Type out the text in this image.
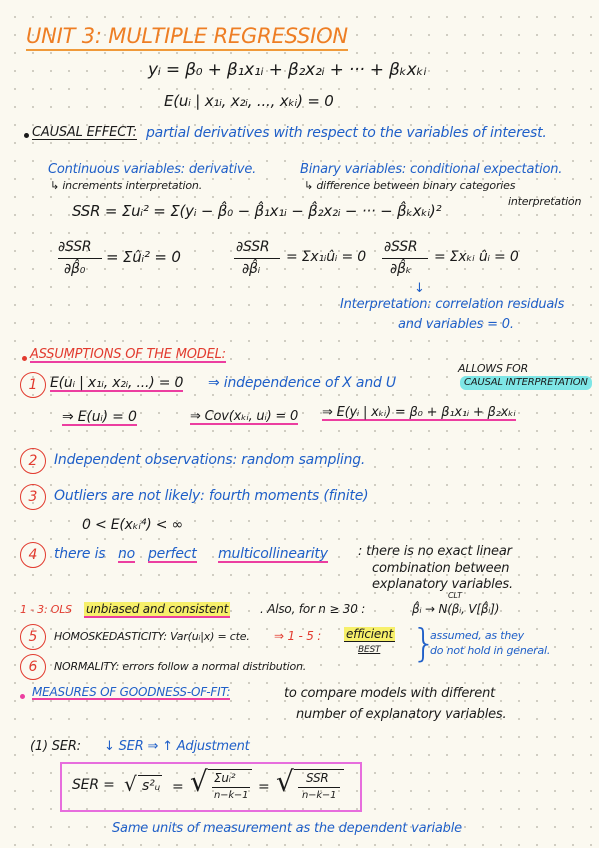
UNIT 3: MULTIPLE REGRESSION
yᵢ = β₀ + β₁x₁ᵢ + β₂x₂ᵢ + ··· + βₖxₖᵢ
E(uᵢ | x₁ᵢ, x₂ᵢ, ..., xₖᵢ) = 0
CAUSAL EFFECT: partial derivatives with respect to the variables of interest.
Continuous variables: derivative.
↳ increments interpretation.
Binary variables: conditional expectation.
↳ difference between binary categories
interpretation
SSR = Σuᵢ² = Σ(yᵢ − β̂₀ − β̂₁x₁ᵢ − β̂₂x₂ᵢ − ··· − β̂ₖxₖᵢ)²
∂SSR
∂β̂₀
= Σûᵢ² = 0
∂SSR
∂β̂ᵢ
= Σx₁ᵢûᵢ = 0
∂SSR
∂β̂ₖ
= Σxₖᵢ ûᵢ = 0
↓
Interpretation: correlation residuals
and variables = 0.
ASSUMPTIONS OF THE MODEL:
1 E(uᵢ | x₁ᵢ, x₂ᵢ, ...) = 0 ⇒ independence of X and U
ALLOWS FOR
CAUSAL INTERPRETATION
⇒ E(uᵢ) = 0	⇒ Cov(xₖᵢ, uᵢ) = 0 ⇒ E(yᵢ | xₖᵢ) = β₀ + β₁x₁ᵢ + β₂xₖᵢ
2	Independent observations: random sampling.
3	Outliers are not likely: fourth moments (finite)
0 < E(xₖᵢ⁴) < ∞
4	there is no perfect multicollinearity : there is no exact linear
combination between
explanatory variables.
1 - 3: OLS unbiased and consistent	. Also, for n ≥ 30 :
CLT
β̂ᵢ → N(βᵢ, V[β̂ᵢ])
5	HOMOSKEDASTICITY: Var(uᵢ|x) = cte. ⇒ 1 - 5 : efficient
BEST
6	NORMALITY: errors follow a normal distribution.
}
assumed, as they
do not hold in general.
MEASURES OF GOODNESS-OF-FIT:	to compare models with different
number of explanatory variables.
(1) SER: ↓ SER ⇒ ↑ Adjustment
SER = √ s²ᵤ = √ Σuᵢ²
n−k−1
= √ SSR
n−k−1
Same units of measurement as the dependent variable
